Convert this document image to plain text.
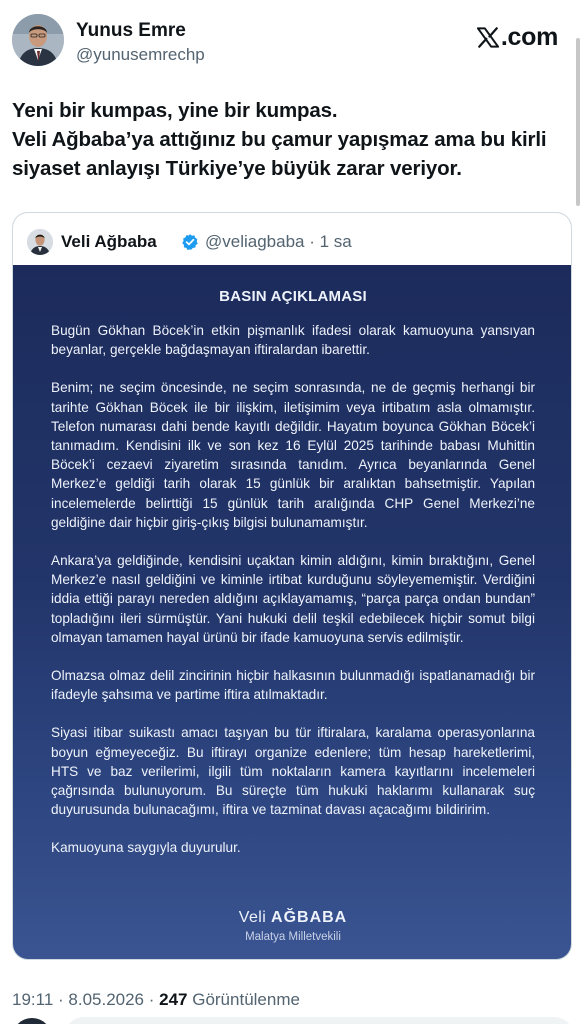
Yunus Emre
@yunusemrechp
.com
Yeni bir kumpas, yine bir kumpas.
Veli Ağbaba’ya attığınız bu çamur yapışmaz ama bu kirli
siyaset anlayışı Türkiye’ye büyük zarar veriyor.
Veli Ağbaba	@veliagbaba · 1 sa
BASIN AÇIKLAMASI

Bugün Gökhan Böcek’in etkin pişmanlık ifadesi olarak kamuoyuna yansıyan beyanlar, gerçekle bağdaşmayan iftiralardan ibarettir.

Benim; ne seçim öncesinde, ne seçim sonrasında, ne de geçmiş herhangi bir tarihte Gökhan Böcek ile bir ilişkim, iletişimim veya irtibatım asla olmamıştır. Telefon numarası dahi bende kayıtlı değildir. Hayatım boyunca Gökhan Böcek’i tanımadım. Kendisini ilk ve son kez 16 Eylül 2025 tarihinde babası Muhittin Böcek’i cezaevi ziyaretim sırasında tanıdım. Ayrıca beyanlarında Genel Merkez’e geldiği tarih olarak 15 günlük bir aralıktan bahsetmiştir. Yapılan incelemelerde belirttiği 15 günlük tarih aralığında CHP Genel Merkezi’ne geldiğine dair hiçbir giriş-çıkış bilgisi bulunamamıştır.

Ankara’ya geldiğinde, kendisini uçaktan kimin aldığını, kimin bıraktığını, Genel Merkez’e nasıl geldiğini ve kiminle irtibat kurduğunu söyleyememiştir. Verdiğini iddia ettiği parayı nereden aldığını açıklayamamış, “parça parça ondan bundan” topladığını ileri sürmüştür. Yani hukuki delil teşkil edebilecek hiçbir somut bilgi olmayan tamamen hayal ürünü bir ifade kamuoyuna servis edilmiştir.

Olmazsa olmaz delil zincirinin hiçbir halkasının bulunmadığı ispatlanamadığı bir ifadeyle şahsıma ve partime iftira atılmaktadır.

Siyasi itibar suikastı amacı taşıyan bu tür iftiralara, karalama operasyonlarına boyun eğmeyeceğiz. Bu iftirayı organize edenlere; tüm hesap hareketlerimi, HTS ve baz verilerimi, ilgili tüm noktaların kamera kayıtlarını incelemeleri çağrısında bulunuyorum. Bu süreçte tüm hukuki haklarımı kullanarak suç duyurusunda bulunacağımı, iftira ve tazminat davası açacağımı bildiririm.

Kamuoyuna saygıyla duyurulur.

Veli AĞBABA
Malatya Milletvekili
19:11 · 8.05.2026 · 247 Görüntülenme
